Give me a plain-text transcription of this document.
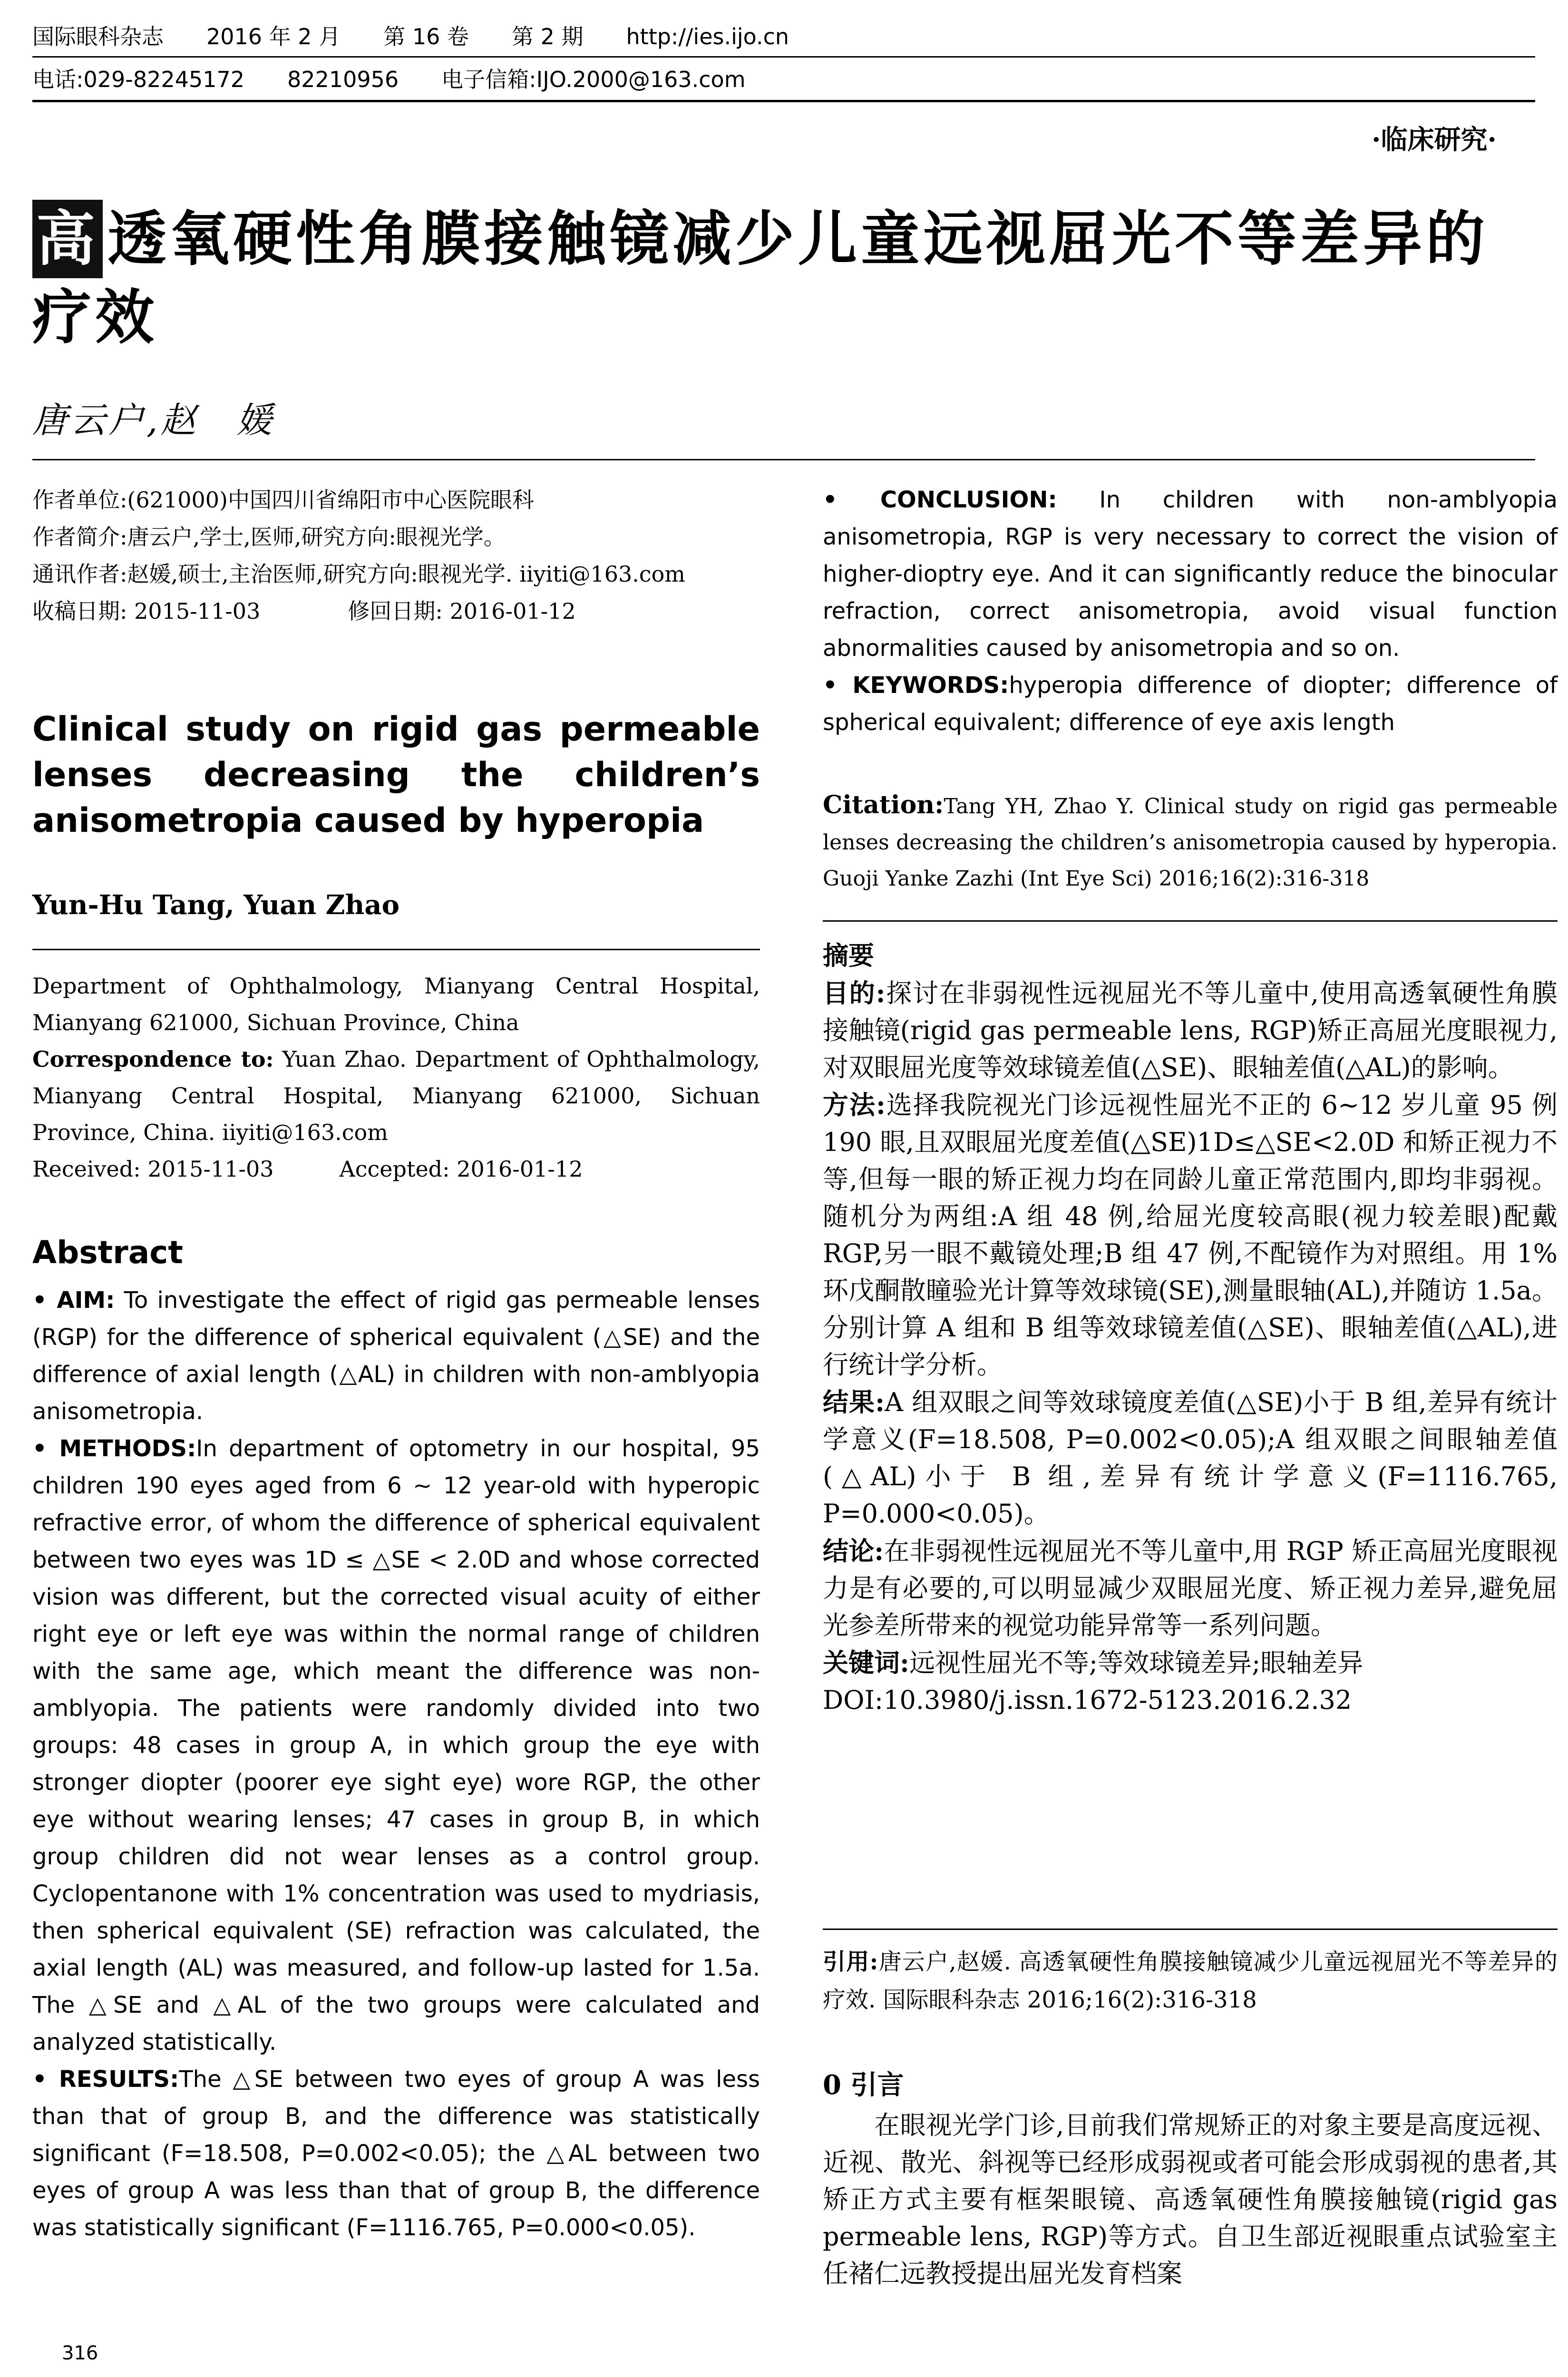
国际眼科杂志 2016 年 2 月 第 16 卷 第 2 期 http://ies.ijo.cn
电话:029-82245172 82210956 电子信箱:IJO.2000@163.com
·临床研究·
高 透氧硬性角膜接触镜减少儿童远视屈光不等差异的疗效
唐云户,赵　媛

作者单位:(621000)中国四川省绵阳市中心医院眼科

作者简介:唐云户,学士,医师,研究方向:眼视光学。

通讯作者:赵媛,硕士,主治医师,研究方向:眼视光学. iiyiti@163.com

收稿日期: 2015-11-03　　　　修回日期: 2016-01-12

Clinical study on rigid gas permeable lenses decreasing the children’s anisometropia caused by hyperopia
Yun-Hu Tang, Yuan Zhao

Department of Ophthalmology, Mianyang Central Hospital, Mianyang 621000, Sichuan Province, China

Correspondence to: Yuan Zhao. Department of Ophthalmology, Mianyang Central Hospital, Mianyang 621000, Sichuan Province, China. iiyiti@163.com

Received: 2015-11-03　　　Accepted: 2016-01-12

Abstract

• AIM: To investigate the effect of rigid gas permeable lenses (RGP) for the difference of spherical equivalent (△SE) and the difference of axial length (△AL) in children with non-amblyopia anisometropia.

• METHODS:In department of optometry in our hospital, 95 children 190 eyes aged from 6 ~ 12 year-old with hyperopic refractive error, of whom the difference of spherical equivalent between two eyes was 1D ≤ △SE < 2.0D and whose corrected vision was different, but the corrected visual acuity of either right eye or left eye was within the normal range of children with the same age, which meant the difference was non-amblyopia. The patients were randomly divided into two groups: 48 cases in group A, in which group the eye with stronger diopter (poorer eye sight eye) wore RGP, the other eye without wearing lenses; 47 cases in group B, in which group children did not wear lenses as a control group. Cyclopentanone with 1% concentration was used to mydriasis, then spherical equivalent (SE) refraction was calculated, the axial length (AL) was measured, and follow-up lasted for 1.5a. The △SE and △AL of the two groups were calculated and analyzed statistically.

• RESULTS:The △SE between two eyes of group A was less than that of group B, and the difference was statistically significant (F=18.508, P=0.002<0.05); the △AL between two eyes of group A was less than that of group B, the difference was statistically significant (F=1116.765, P=0.000<0.05).

316

• CONCLUSION: In children with non-amblyopia anisometropia, RGP is very necessary to correct the vision of higher-dioptry eye. And it can significantly reduce the binocular refraction, correct anisometropia, avoid visual function abnormalities caused by anisometropia and so on.

• KEYWORDS:hyperopia difference of diopter; difference of spherical equivalent; difference of eye axis length

Citation:Tang YH, Zhao Y. Clinical study on rigid gas permeable lenses decreasing the children’s anisometropia caused by hyperopia. Guoji Yanke Zazhi (Int Eye Sci) 2016;16(2):316-318

摘要

目的:探讨在非弱视性远视屈光不等儿童中,使用高透氧硬性角膜接触镜(rigid gas permeable lens, RGP)矫正高屈光度眼视力,对双眼屈光度等效球镜差值(△SE)、眼轴差值(△AL)的影响。

方法:选择我院视光门诊远视性屈光不正的 6~12 岁儿童 95 例 190 眼,且双眼屈光度差值(△SE)1D≤△SE<2.0D 和矫正视力不等,但每一眼的矫正视力均在同龄儿童正常范围内,即均非弱视。随机分为两组:A 组 48 例,给屈光度较高眼(视力较差眼)配戴 RGP,另一眼不戴镜处理;B 组 47 例,不配镜作为对照组。用 1% 环戊酮散瞳验光计算等效球镜(SE),测量眼轴(AL),并随访 1.5a。分别计算 A 组和 B 组等效球镜差值(△SE)、眼轴差值(△AL),进行统计学分析。

结果:A 组双眼之间等效球镜度差值(△SE)小于 B 组,差异有统计学意义(F=18.508, P=0.002<0.05);A 组双眼之间眼轴差值(△AL)小于 B 组,差异有统计学意义(F=1116.765, P=0.000<0.05)。

结论:在非弱视性远视屈光不等儿童中,用 RGP 矫正高屈光度眼视力是有必要的,可以明显减少双眼屈光度、矫正视力差异,避免屈光参差所带来的视觉功能异常等一系列问题。

关键词:远视性屈光不等;等效球镜差异;眼轴差异

DOI:10.3980/j.issn.1672-5123.2016.2.32

引用:唐云户,赵媛. 高透氧硬性角膜接触镜减少儿童远视屈光不等差异的疗效. 国际眼科杂志 2016;16(2):316-318
0 引言
在眼视光学门诊,目前我们常规矫正的对象主要是高度远视、近视、散光、斜视等已经形成弱视或者可能会形成弱视的患者,其矫正方式主要有框架眼镜、高透氧硬性角膜接触镜(rigid gas permeable lens, RGP)等方式。自卫生部近视眼重点试验室主任褚仁远教授提出屈光发育档案
